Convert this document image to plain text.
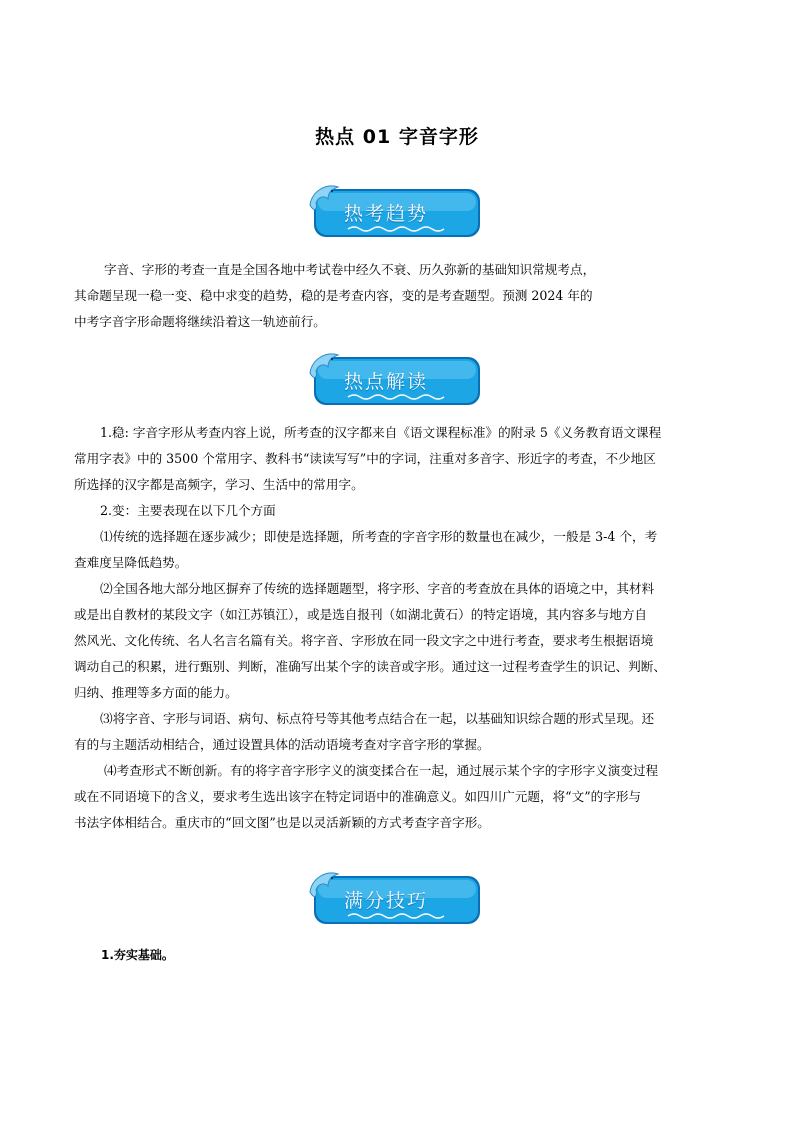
热点 01 字音字形
热考趋势
字音、字形的考查一直是全国各地中考试卷中经久不衰、历久弥新的基础知识常规考点，
其命题呈现一稳一变、稳中求变的趋势，稳的是考查内容，变的是考查题型。预测 2024 年的
中考字音字形命题将继续沿着这一轨迹前行。
热点解读
1.稳: 字音字形从考查内容上说，所考查的汉字都来自《语文课程标准》的附录 5《义务教育语文课程
常用字表》中的 3500 个常用字、教科书“读读写写”中的字词，注重对多音字、形近字的考查，不少地区
所选择的汉字都是高频字，学习、生活中的常用字。
2.变：主要表现在以下几个方面
⑴传统的选择题在逐步减少；即使是选择题，所考查的字音字形的数量也在减少，一般是 3-4 个，考
查难度呈降低趋势。
⑵全国各地大部分地区摒弃了传统的选择题题型，将字形、字音的考查放在具体的语境之中，其材料
或是出自教材的某段文字（如江苏镇江），或是选自报刊（如湖北黄石）的特定语境，其内容多与地方自
然风光、文化传统、名人名言名篇有关。将字音、字形放在同一段文字之中进行考查，要求考生根据语境
调动自己的积累，进行甄别、判断，准确写出某个字的读音或字形。通过这一过程考查学生的识记、判断、
归纳、推理等多方面的能力。
⑶将字音、字形与词语、病句、标点符号等其他考点结合在一起，以基础知识综合题的形式呈现。还
有的与主题活动相结合，通过设置具体的活动语境考查对字音字形的掌握。
⑷考查形式不断创新。有的将字音字形字义的演变揉合在一起，通过展示某个字的字形字义演变过程
或在不同语境下的含义，要求考生选出该字在特定词语中的准确意义。如四川广元题，将“文”的字形与
书法字体相结合。重庆市的“回文图”也是以灵活新颖的方式考查字音字形。
满分技巧
1.夯实基础。
